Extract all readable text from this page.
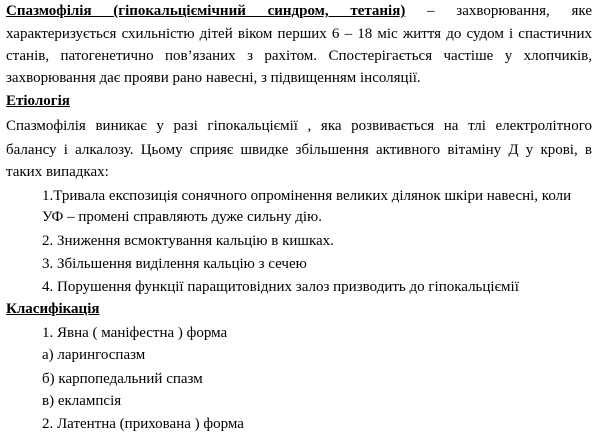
Спазмофілія (гіпокальціємічний синдром, тетанія) – захворювання, яке
характеризується схильністю дітей віком перших 6 – 18 міс життя до судом і спастичних
станів, патогенетично пов’язаних з рахітом. Спостерігається частіше у хлопчиків,
захворювання дає прояви рано навесні, з підвищенням інсоляції.
Етіологія
Спазмофілія виникає у разі гіпокальціємії , яка розвивається на тлі електролітного
балансу і алкалозу. Цьому сприяє швидке збільшення активного вітаміну Д у крові, в
таких випадках:
1.Тривала експозиція сонячного опромінення великих ділянок шкіри навесні, коли
УФ – промені справляють дуже сильну дію.
2. Зниження всмоктування кальцію в кишках.
3. Збільшення виділення кальцію з сечею
4. Порушення функції паращитовідних залоз призводить до гіпокальціємії
Класифікація
1. Явна ( маніфестна ) форма
а) ларингоспазм
б) карпопедальний спазм
в) еклампсія
2. Латентна (прихована ) форма
